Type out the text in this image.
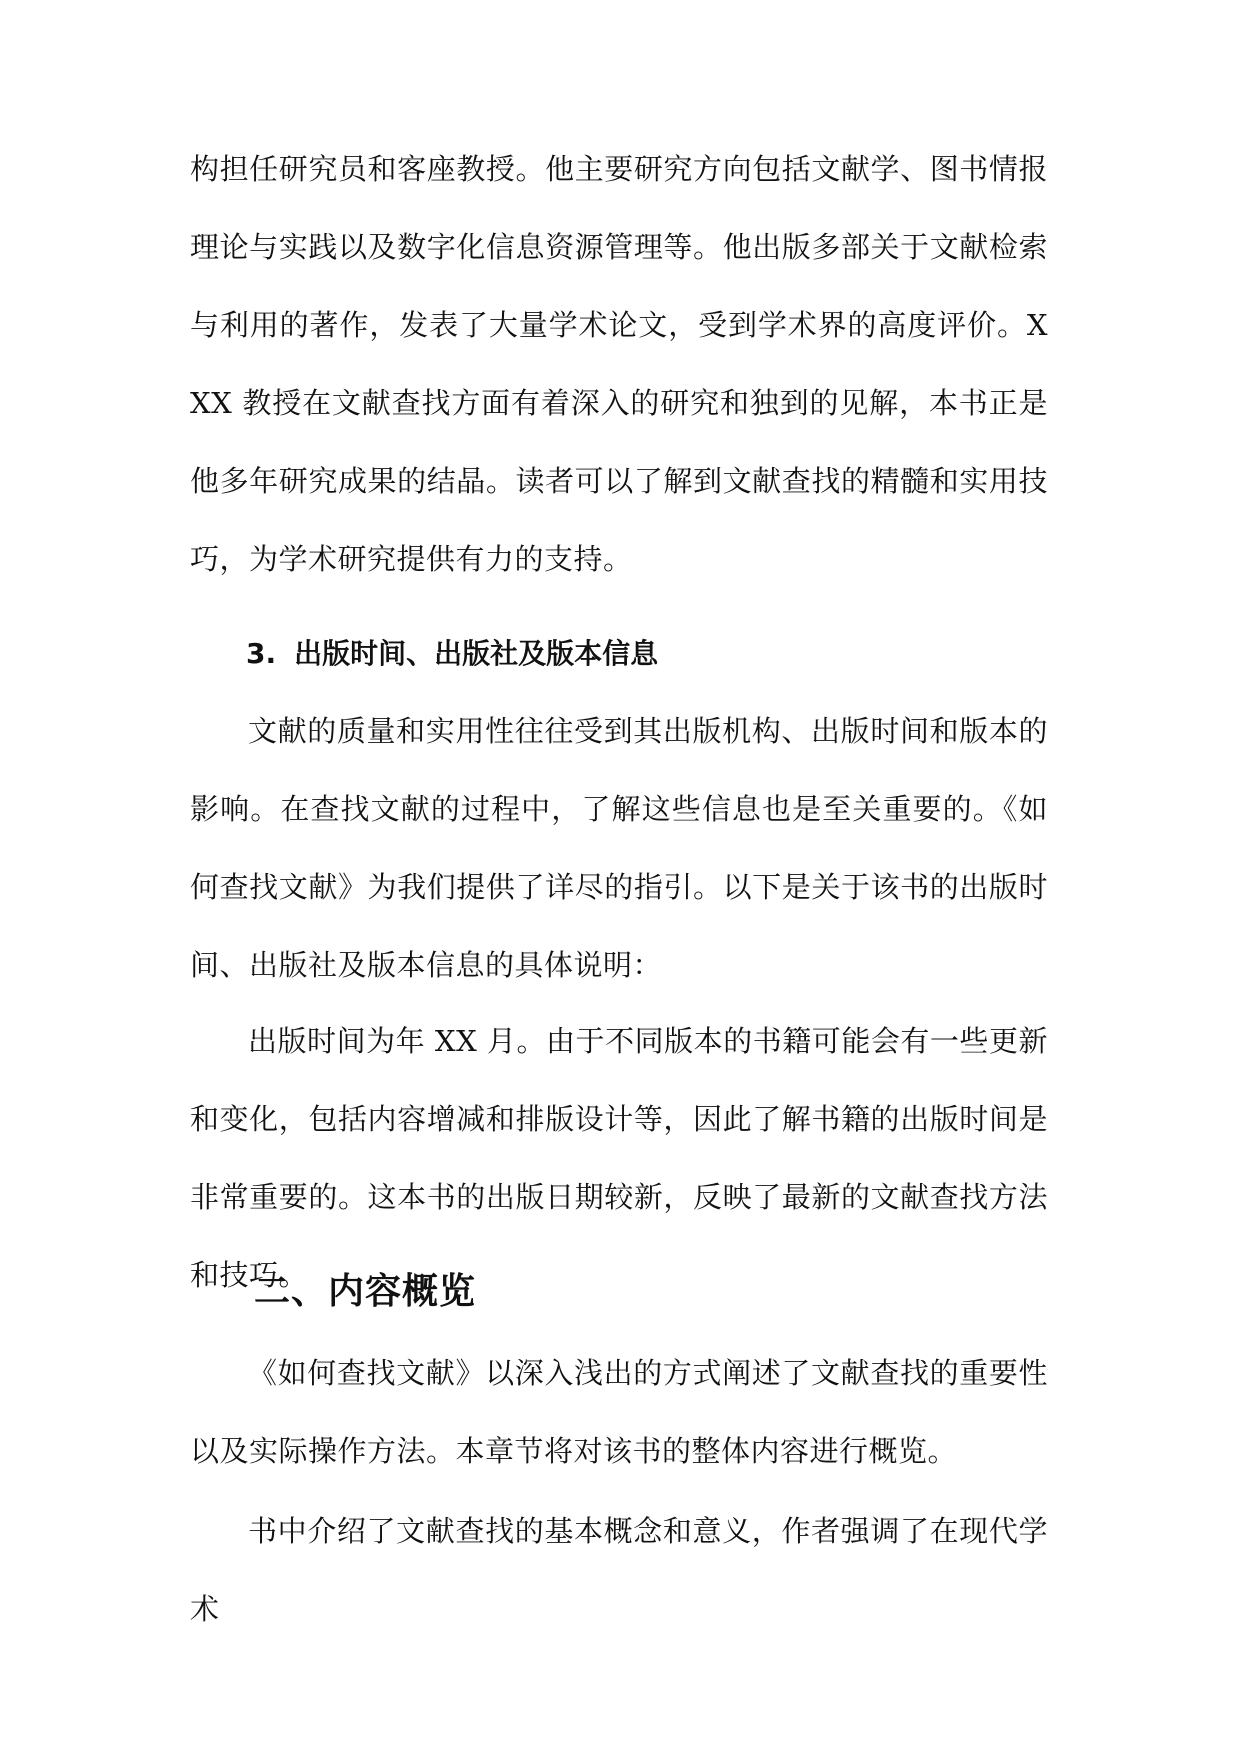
构担任研究员和客座教授。他主要研究方向包括文献学、图书情报理论与实践以及数字化信息资源管理等。他出版多部关于文献检索与利用的著作，发表了大量学术论文，受到学术界的高度评价。XXX 教授在文献查找方面有着深入的研究和独到的见解，本书正是他多年研究成果的结晶。读者可以了解到文献查找的精髓和实用技巧，为学术研究提供有力的支持。

3. 出版时间、出版社及版本信息

文献的质量和实用性往往受到其出版机构、出版时间和版本的影响。在查找文献的过程中，了解这些信息也是至关重要的。《如何查找文献》为我们提供了详尽的指引。以下是关于该书的出版时间、出版社及版本信息的具体说明：

出版时间为年 XX 月。由于不同版本的书籍可能会有一些更新和变化，包括内容增减和排版设计等，因此了解书籍的出版时间是非常重要的。这本书的出版日期较新，反映了最新的文献查找方法和技巧。

二、内容概览

《如何查找文献》以深入浅出的方式阐述了文献查找的重要性以及实际操作方法。本章节将对该书的整体内容进行概览。

书中介绍了文献查找的基本概念和意义，作者强调了在现代学术
